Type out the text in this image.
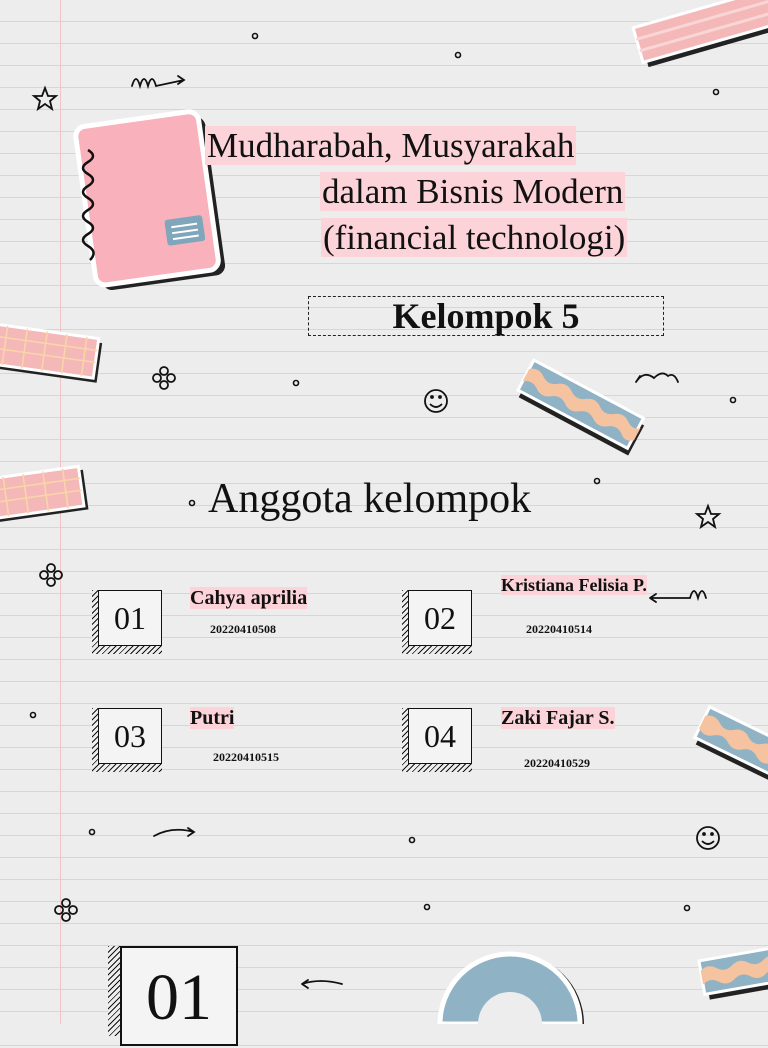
Mudharabah, Musyarakah
dalam Bisnis Modern
(financial technologi)
Kelompok 5
Anggota kelompok
01
Cahya aprilia
20220410508	02
Kristiana Felisia P.
20220410514
03	Putri
20220410515
04	Zaki Fajar S.
20220410529
01
